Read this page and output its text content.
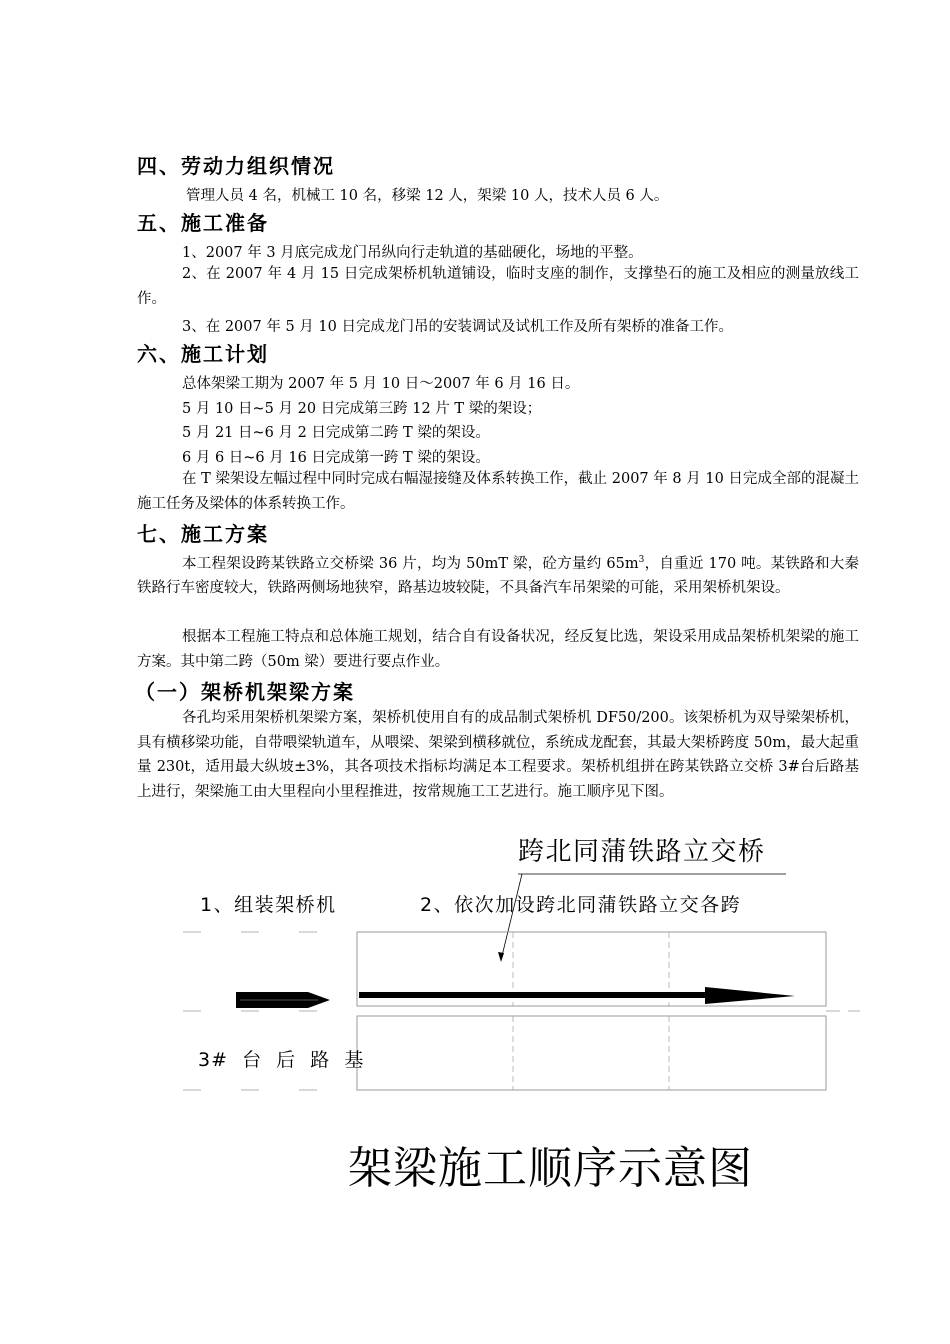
四、劳动力组织情况
管理人员 4 名，机械工 10 名，移梁 12 人，架梁 10 人，技术人员 6 人。
五、施工准备
1、2007 年 3 月底完成龙门吊纵向行走轨道的基础硬化，场地的平整。
2、在 2007 年 4 月 15 日完成架桥机轨道铺设，临时支座的制作，支撑垫石的施工及相应的测量放线工作。
3、在 2007 年 5 月 10 日完成龙门吊的安装调试及试机工作及所有架桥的准备工作。
六、施工计划
总体架梁工期为 2007 年 5 月 10 日～2007 年 6 月 16 日。
5 月 10 日~5 月 20 日完成第三跨 12 片 T 梁的架设；
5 月 21 日~6 月 2 日完成第二跨 T 梁的架设。
6 月 6 日~6 月 16 日完成第一跨 T 梁的架设。
在 T 梁架设左幅过程中同时完成右幅湿接缝及体系转换工作，截止 2007 年 8 月 10 日完成全部的混凝土施工任务及梁体的体系转换工作。
七、施工方案
本工程架设跨某铁路立交桥梁 36 片，均为 50mT 梁，砼方量约 $65m^3$，自重近 170 吨。某铁路和大秦铁路行车密度较大，铁路两侧场地狭窄，路基边坡较陡，不具备汽车吊架梁的可能，采用架桥机架设。
根据本工程施工特点和总体施工规划，结合自有设备状况，经反复比选，架设采用成品架桥机架梁的施工方案。其中第二跨（50m 梁）要进行要点作业。
（一）架桥机架梁方案
各孔均采用架桥机架梁方案，架桥机使用自有的成品制式架桥机 DF50/200。该架桥机为双导梁架桥机，具有横移梁功能，自带喂梁轨道车，从喂梁、架梁到横移就位，系统成龙配套，其最大架桥跨度 50m，最大起重量 230t，适用最大纵坡±3%，其各项技术指标均满足本工程要求。架桥机组拼在跨某铁路立交桥 3#台后路基上进行，架梁施工由大里程向小里程推进，按常规施工工艺进行。施工顺序见下图。
跨北同蒲铁路立交桥
1、组装架桥机	2、依次加设跨北同蒲铁路立交各跨
3#  台  后  路  基
架梁施工顺序示意图
